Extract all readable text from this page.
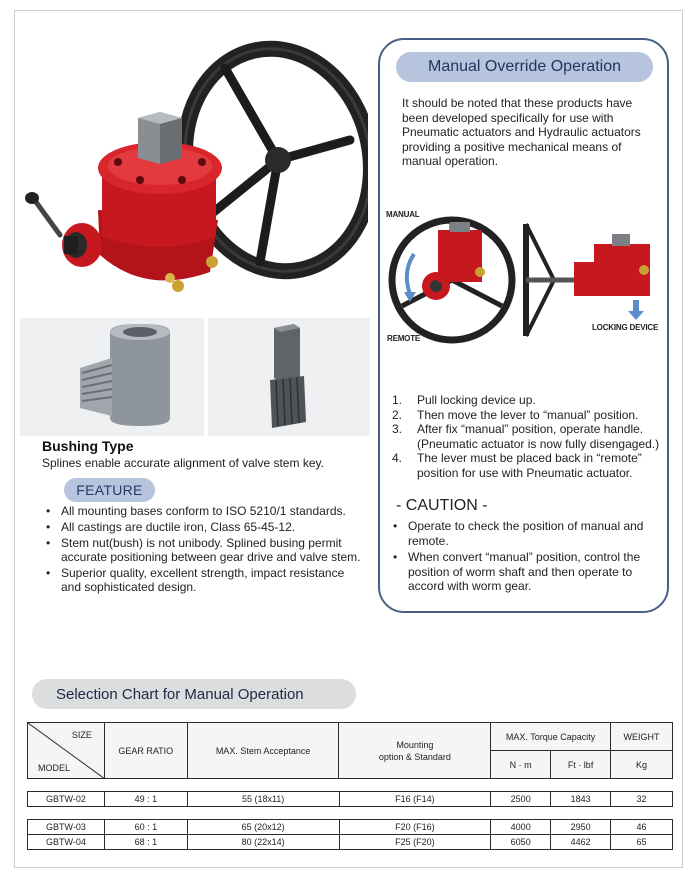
Bushing Type
Splines enable accurate alignment of valve stem key.
FEATURE
• All mounting bases conform to ISO 5210/1 standards.
• All castings are ductile iron, Class 65-45-12.
• Stem nut(bush) is not unibody. Splined busing permit accurate positioning between gear drive and valve stem.
• Superior quality, excellent strength, impact resistance and sophisticated design.
Manual Override Operation
It should be noted that these products have been developed specifically for use with Pneumatic actuators and Hydraulic actuators providing a positive mechanical means of manual operation.
MANUAL
REMOTE
LOCKING DEVICE
1. Pull locking device up.
2. Then move the lever to “manual” position.
3. After fix “manual” position, operate handle. (Pneumatic actuator is now fully disengaged.)
4. The lever must be placed back in “remote” position for use with Pneumatic actuator.
- CAUTION -
• Operate to check the position of manual and remote.
• When convert “manual” position, control the position of worm shaft and then operate to accord with worm gear.
Selection Chart for Manual Operation
SIZE
MODEL	GEAR RATIO	MAX. Stem Acceptance	Mounting
option & Standard	MAX. Torque Capacity		WEIGHT
				N · m	Ft · lbf	Kg
GBTW-02	49 : 1	55 (18x11)	F16 (F14)	2500	1843	32
GBTW-03	60 : 1	65 (20x12)	F20 (F16)	4000	2950	46
GBTW-04	68 : 1	80 (22x14)	F25 (F20)	6050	4462	65
